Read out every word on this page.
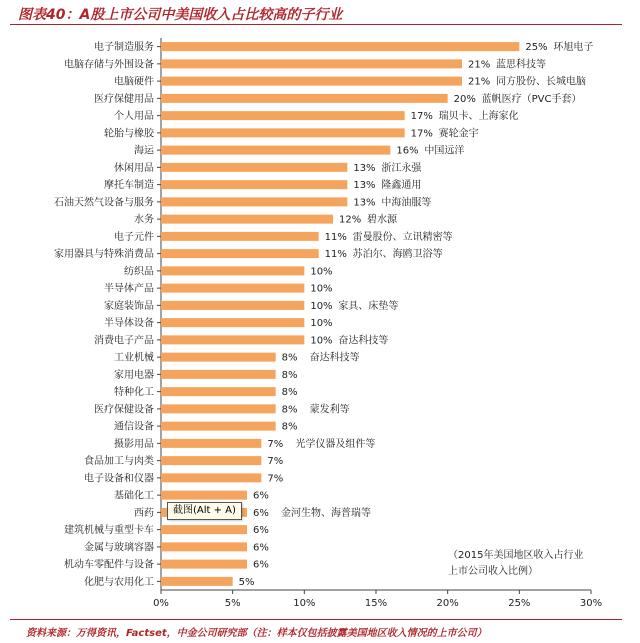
图表40：A股上市公司中美国收入占比较高的子行业
0%	5%	10%	15%	20%	25%	30%
电子制造服务	25% 环旭电子
电脑存储与外围设备	21% 蓝思科技等
电脑硬件	21% 同方股份、长城电脑
医疗保健用品	20% 蓝帆医疗（PVC手套）
个人用品	17% 瑞贝卡、上海家化
轮胎与橡胶	17% 赛轮金宇
海运	16% 中国远洋
休闲用品	13% 浙江永强
摩托车制造	13% 隆鑫通用
石油天然气设备与服务	13% 中海油服等
水务	12% 碧水源
电子元件	11% 雷曼股份、立讯精密等
家用器具与特殊消费品	11% 苏泊尔、海鸥卫浴等
纺织品	10%
半导体产品	10%
家庭装饰品	10% 家具、床垫等
半导体设备	10%
消费电子产品	10% 奋达科技等
工业机械	8% 奋达科技等
家用电器	8%
特种化工	8%
医疗保健设备	8% 蒙发利等
通信设备	8%
摄影用品	7% 光学仪器及组件等
食品加工与肉类	7%
电子设备和仪器	7%
基础化工	6%
西药	6% 金河生物、海普瑞等
建筑机械与重型卡车	6%
金属与玻璃容器	6%
机动车零配件与设备	6%
化肥与农用化工	5%
（2015年美国地区收入占行业
上市公司收入比例）
截图(Alt + A)
资料来源：万得资讯，Factset，中金公司研究部（注：样本仅包括披露美国地区收入情况的上市公司）
